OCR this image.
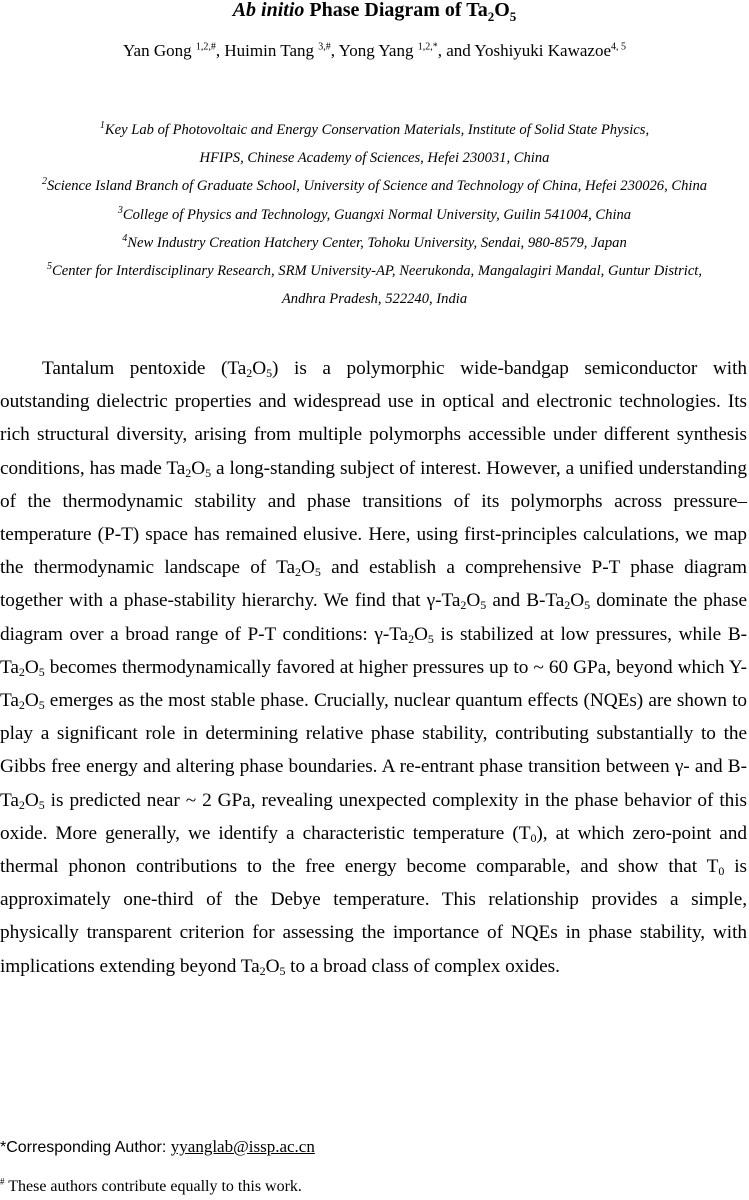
Ab initio Phase Diagram of $Ta_2O_5$
Yan Gong $^{1,2,\#}$, Huimin Tang $^{3,\#}$, Yong Yang $^{1,2,*}$, and Yoshiyuki Kawazoe$^{4, 5}$
$^1$Key Lab of Photovoltaic and Energy Conservation Materials, Institute of Solid State Physics,
HFIPS, Chinese Academy of Sciences, Hefei 230031, China
$^2$Science Island Branch of Graduate School, University of Science and Technology of China, Hefei 230026, China
$^3$College of Physics and Technology, Guangxi Normal University, Guilin 541004, China
$^4$New Industry Creation Hatchery Center, Tohoku University, Sendai, 980-8579, Japan
$^5$Center for Interdisciplinary Research, SRM University-AP, Neerukonda, Mangalagiri Mandal, Guntur District,
Andhra Pradesh, 522240, India

Tantalum pentoxide $(Ta_2O_5)$ is a polymorphic wide-bandgap semiconductor with outstanding dielectric properties and widespread use in optical and electronic technologies. Its rich structural diversity, arising from multiple polymorphs accessible under different synthesis conditions, has made $Ta_2O_5$ a long-standing subject of interest. However, a unified understanding of the thermodynamic stability and phase transitions of its polymorphs across pressure–temperature (P-T) space has remained elusive. Here, using first-principles calculations, we map the thermodynamic landscape of $Ta_2O_5$ and establish a comprehensive P-T phase diagram together with a phase-stability hierarchy. We find that $\gamma-Ta_2O_5$ and $B-Ta_2O_5$ dominate the phase diagram over a broad range of P-T conditions: $\gamma-Ta_2O_5$ is stabilized at low pressures, while $B-Ta_2O_5$ becomes thermodynamically favored at higher pressures up to ~ 60 GPa, beyond which $Y-Ta_2O_5$ emerges as the most stable phase. Crucially, nuclear quantum effects (NQEs) are shown to play a significant role in determining relative phase stability, contributing substantially to the Gibbs free energy and altering phase boundaries. A re-entrant phase transition between γ- and $B-Ta_2O_5$ is predicted near ~ 2 GPa, revealing unexpected complexity in the phase behavior of this oxide. More generally, we identify a characteristic temperature $(T_0)$, at which zero-point and thermal phonon contributions to the free energy become comparable, and show that $T_0$ is approximately one-third of the Debye temperature. This relationship provides a simple, physically transparent criterion for assessing the importance of NQEs in phase stability, with implications extending beyond $Ta_2O_5$ to a broad class of complex oxides.

*Corresponding Author: yyanglab@issp.ac.cn
# These authors contribute equally to this work.
